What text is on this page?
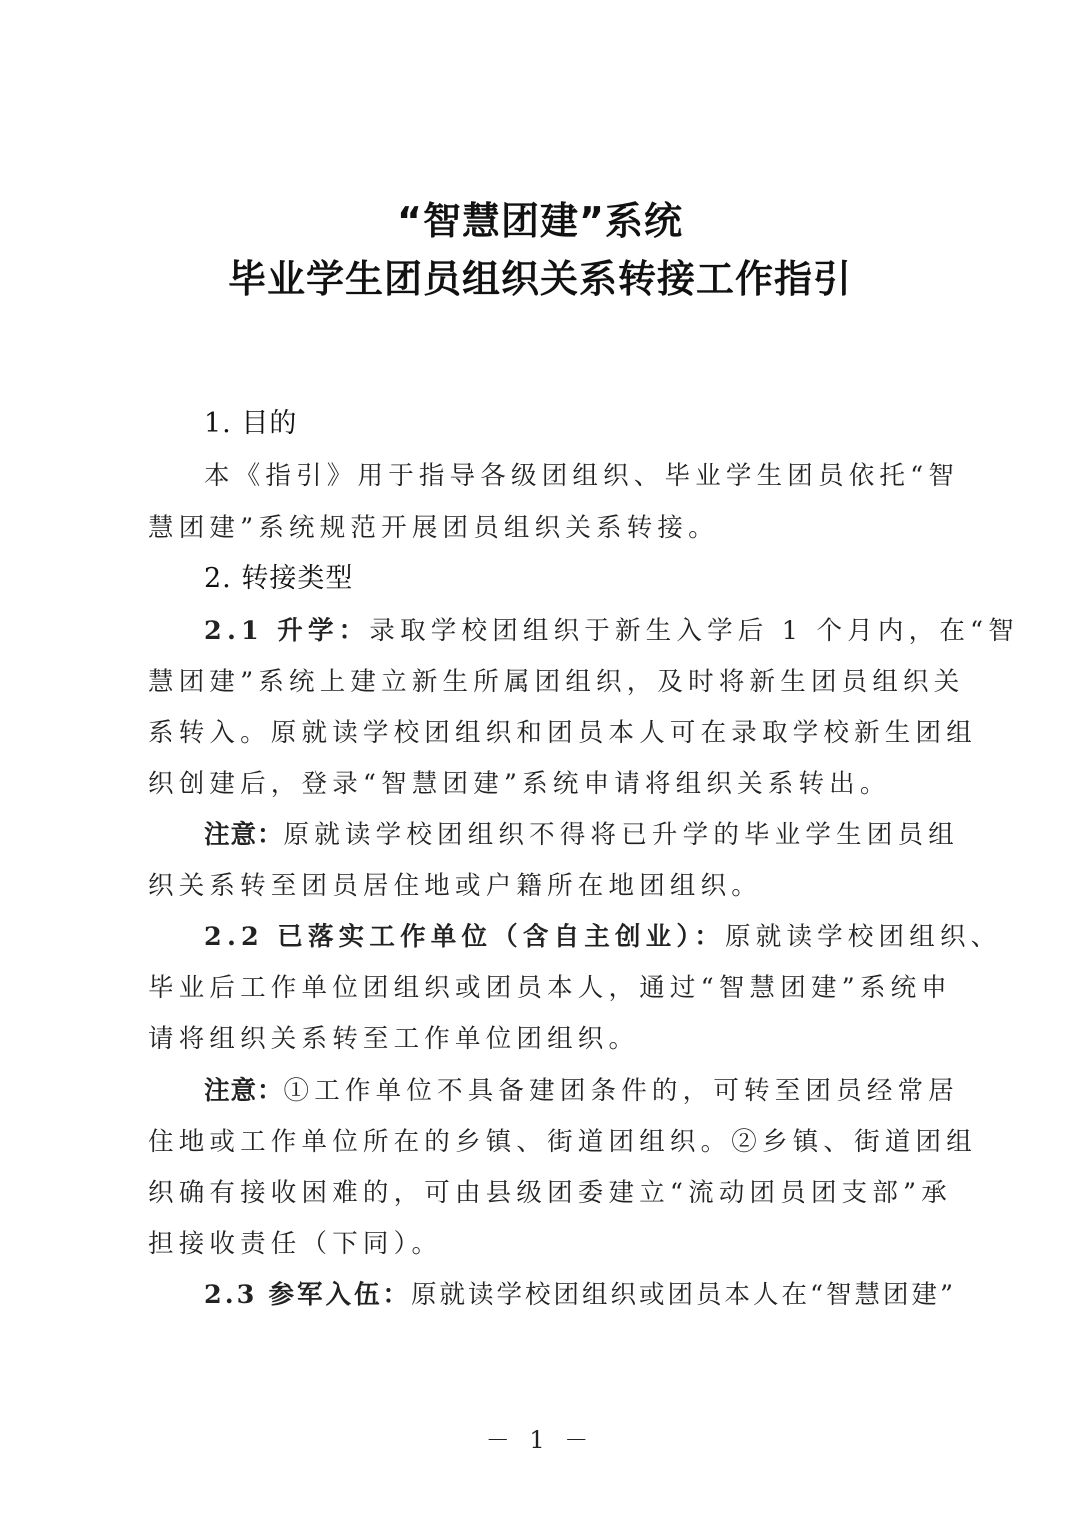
“智慧团建”系统
毕业学生团员组织关系转接工作指引
1. 目的
本《指引》用于指导各级团组织、毕业学生团员依托“智
慧团建”系统规范开展团员组织关系转接。
2. 转接类型
2.1 升学：录取学校团组织于新生入学后 1 个月内，在“智
慧团建”系统上建立新生所属团组织，及时将新生团员组织关
系转入。原就读学校团组织和团员本人可在录取学校新生团组
织创建后，登录“智慧团建”系统申请将组织关系转出。
注意：原就读学校团组织不得将已升学的毕业学生团员组
织关系转至团员居住地或户籍所在地团组织。
2.2 已落实工作单位（含自主创业）：原就读学校团组织、
毕业后工作单位团组织或团员本人，通过“智慧团建”系统申
请将组织关系转至工作单位团组织。
注意：①工作单位不具备建团条件的，可转至团员经常居
住地或工作单位所在的乡镇、街道团组织。②乡镇、街道团组
织确有接收困难的，可由县级团委建立“流动团员团支部”承
担接收责任（下同）。
2.3 参军入伍：原就读学校团组织或团员本人在“智慧团建”
－ 1 －
